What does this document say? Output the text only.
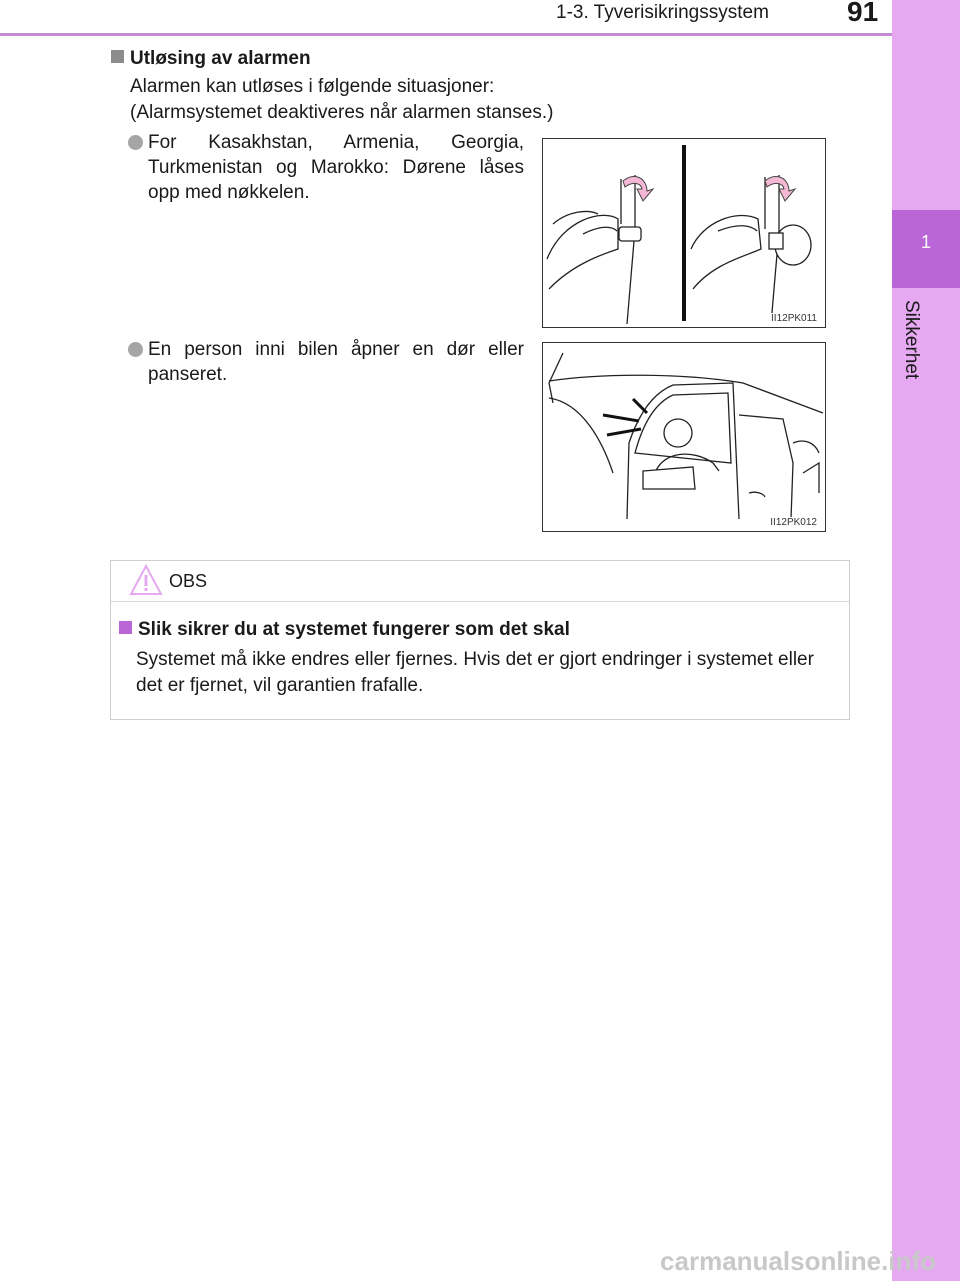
1-3. Tyverisikringssystem	91
1
Sikkerhet
Utløsing av alarmen
Alarmen kan utløses i følgende situasjoner:
(Alarmsystemet deaktiveres når alarmen stanses.)
For Kasakhstan, Armenia, Georgia, Turkmenistan og Marokko: Dørene låses opp med nøkkelen.
II12PK011
En person inni bilen åpner en dør eller panseret.
II12PK012
OBS
Slik sikrer du at systemet fungerer som det skal
Systemet må ikke endres eller fjernes. Hvis det er gjort endringer i systemet eller det er fjernet, vil garantien frafalle.
carmanualsonline.info
